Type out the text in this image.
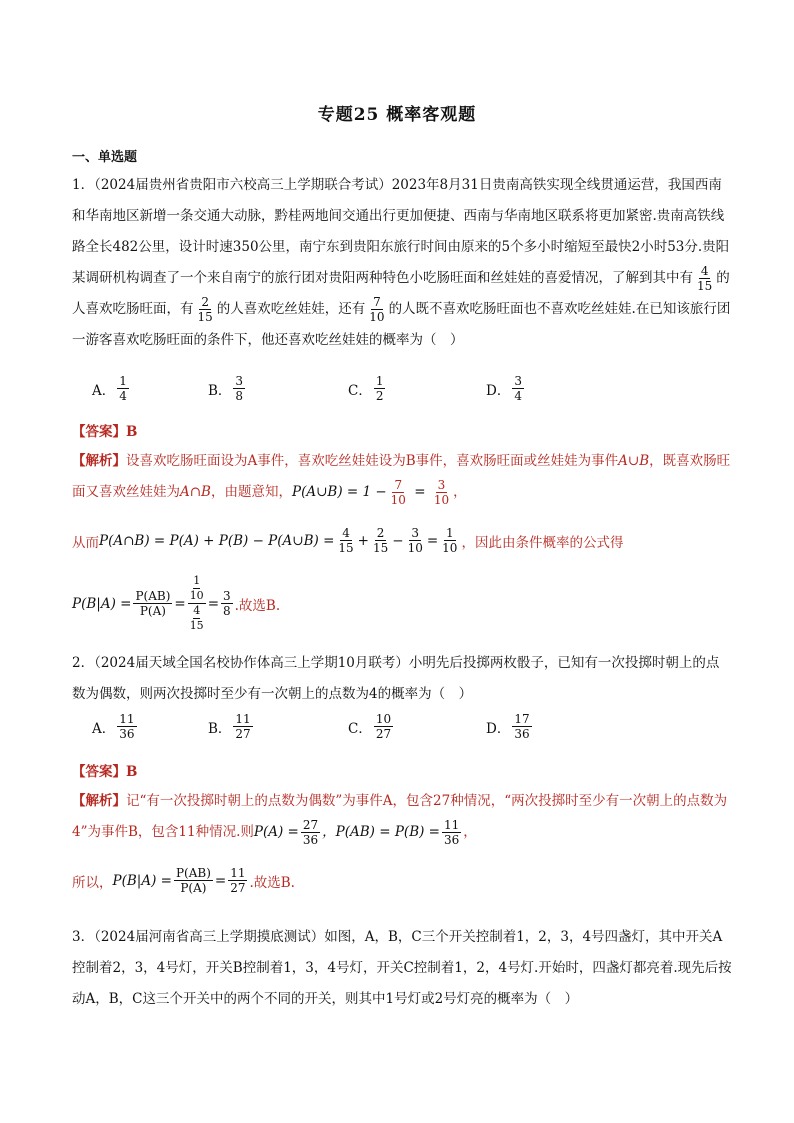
专题25 概率客观题
一、单选题
1．（2024届贵州省贵阳市六校高三上学期联合考试）2023年8月31日贵南高铁实现全线贯通运营，我国西南和华南地区新增一条交通大动脉，黔桂两地间交通出行更加便捷、西南与华南地区联系将更加紧密.贵南高铁线路全长482公里，设计时速350公里，南宁东到贵阳东旅行时间由原来的5个多小时缩短至最快2小时53分.贵阳某调研机构调查了一个来自南宁的旅行团对贵阳两种特色小吃肠旺面和丝娃娃的喜爱情况，了解到其中有 $\frac{4}{15}$ 的人喜欢吃肠旺面，有 $\frac{2}{15}$ 的人喜欢吃丝娃娃，还有 $\frac{7}{10}$ 的人既不喜欢吃肠旺面也不喜欢吃丝娃娃.在已知该旅行团一游客喜欢吃肠旺面的条件下，他还喜欢吃丝娃娃的概率为（　）
A． $\frac{1}{4}$	B． $\frac{3}{8}$	C． $\frac{1}{2}$	D． $\frac{3}{4}$
【答案】B
【解析】设喜欢吃肠旺面设为A事件，喜欢吃丝娃娃设为B事件，喜欢肠旺面或丝娃娃为事件A∪B，既喜欢肠旺面又喜欢丝娃娃为A∩B，由题意知，P(A∪B) = $1 - \frac{7}{10} = \frac{3}{10}$ ，
从而 P(A∩B) = P(A) + P(B) − P(A∪B) = $\frac{4}{15} + \frac{2}{15} - \frac{3}{10} = \frac{1}{10}$ ，因此由条件概率的公式得
$P(B|A) = \frac{P(AB)}{P(A)} = 1$
10
4
$15 = \frac{3}{8}$ .故选B.
2．（2024届天域全国名校协作体高三上学期10月联考）小明先后投掷两枚骰子，已知有一次投掷时朝上的点数为偶数，则两次投掷时至少有一次朝上的点数为4的概率为（　）
A． $\frac{11}{36}$	B． $\frac{11}{27}$	C． $\frac{10}{27}$	D． $\frac{17}{36}$
【答案】B
【解析】记“有一次投掷时朝上的点数为偶数”为事件A，包含27种情况，“两次投掷时至少有一次朝上的点数为4”为事件B，包含11种情况.则$P(A) = \frac{27}{36}$ ，$P(AB) = P(B) = \frac{11}{36}$ ，
所以， $P(B|A) = \frac{P(AB)}{P(A)} = \frac{11}{27}$ .故选B.
3．（2024届河南省高三上学期摸底测试）如图，A，B，C三个开关控制着1，2，3，4号四盏灯，其中开关A控制着2，3，4号灯，开关B控制着1，3，4号灯，开关C控制着1，2，4号灯.开始时，四盏灯都亮着.现先后按动A，B，C这三个开关中的两个不同的开关，则其中1号灯或2号灯亮的概率为（　）
